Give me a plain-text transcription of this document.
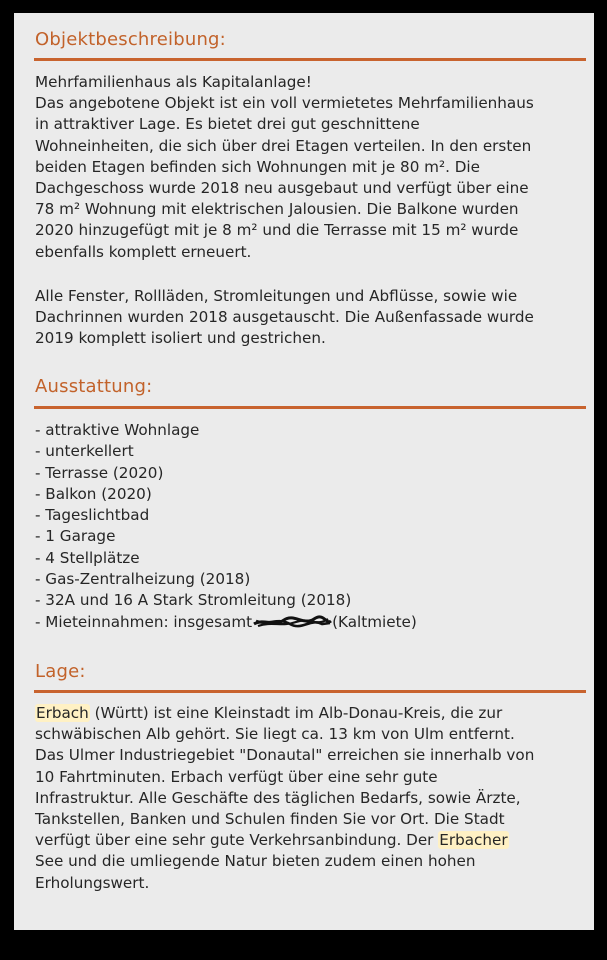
Objektbeschreibung:
Mehrfamilienhaus als Kapitalanlage!
Das angebotene Objekt ist ein voll vermietetes Mehrfamilienhaus
in attraktiver Lage. Es bietet drei gut geschnittene
Wohneinheiten, die sich über drei Etagen verteilen. In den ersten
beiden Etagen befinden sich Wohnungen mit je 80 m². Die
Dachgeschoss wurde 2018 neu ausgebaut und verfügt über eine
78 m² Wohnung mit elektrischen Jalousien. Die Balkone wurden
2020 hinzugefügt mit je 8 m² und die Terrasse mit 15 m² wurde
ebenfalls komplett erneuert.
Alle Fenster, Rollläden, Stromleitungen und Abflüsse, sowie wie
Dachrinnen wurden 2018 ausgetauscht. Die Außenfassade wurde
2019 komplett isoliert und gestrichen.
Ausstattung:
- attraktive Wohnlage
- unterkellert
- Terrasse (2020)
- Balkon (2020)
- Tageslichtbad
- 1 Garage
- 4 Stellplätze
- Gas-Zentralheizung (2018)
- 32A und 16 A Stark Stromleitung (2018)
- Mieteinnahmen: insgesamt	(Kaltmiete)
Lage:
Erbach (Württ) ist eine Kleinstadt im Alb-Donau-Kreis, die zur
schwäbischen Alb gehört. Sie liegt ca. 13 km von Ulm entfernt.
Das Ulmer Industriegebiet "Donautal" erreichen sie innerhalb von
10 Fahrtminuten. Erbach verfügt über eine sehr gute
Infrastruktur. Alle Geschäfte des täglichen Bedarfs, sowie Ärzte,
Tankstellen, Banken und Schulen finden Sie vor Ort. Die Stadt
verfügt über eine sehr gute Verkehrsanbindung. Der Erbacher
See und die umliegende Natur bieten zudem einen hohen
Erholungswert.
